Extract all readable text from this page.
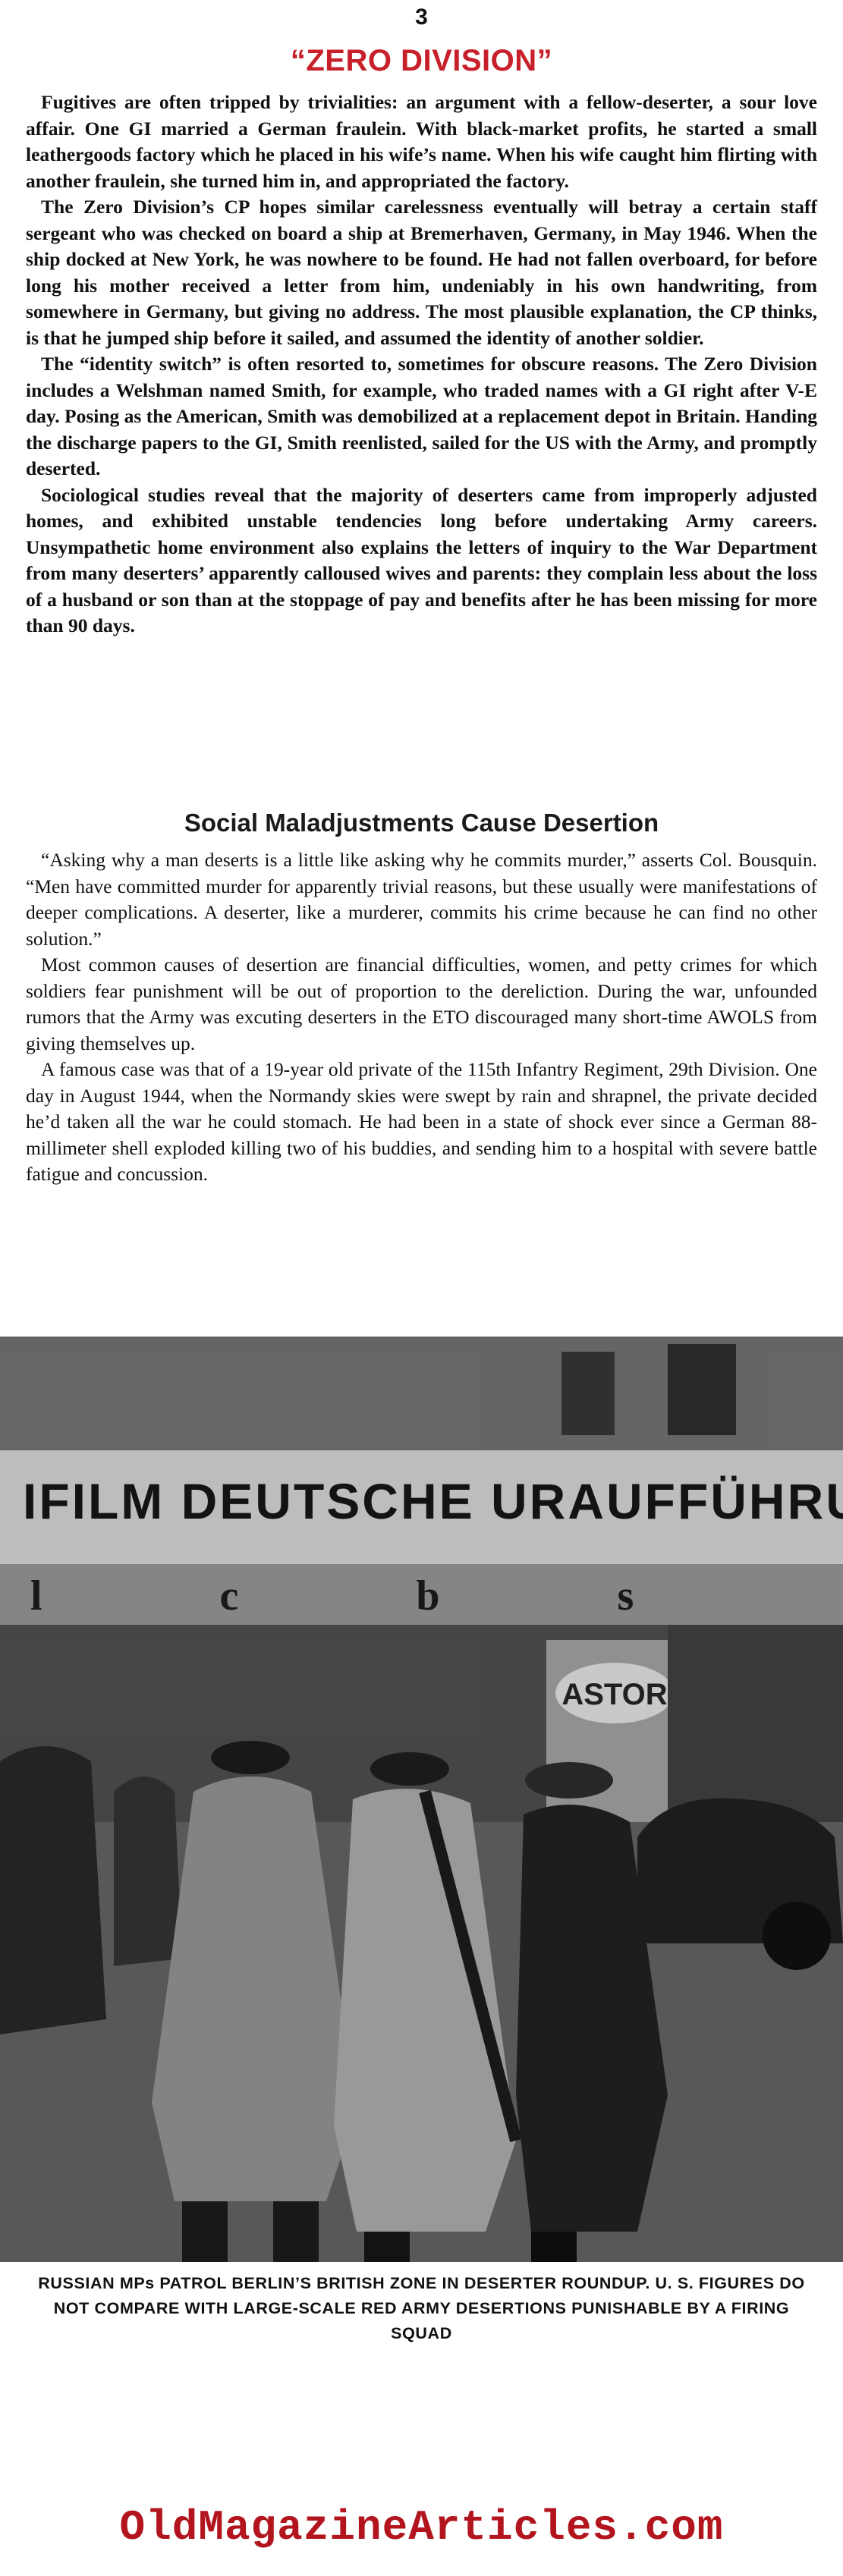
3
“ZERO DIVISION”

Fugitives are often tripped by trivialities: an argument with a fellow-deserter, a sour love affair. One GI married a German fraulein. With black-market profits, he started a small leathergoods factory which he placed in his wife’s name. When his wife caught him flirting with another fraulein, she turned him in, and appropriated the factory.

The Zero Division’s CP hopes similar carelessness eventually will betray a certain staff sergeant who was checked on board a ship at Bremerhaven, Germany, in May 1946. When the ship docked at New York, he was nowhere to be found. He had not fallen overboard, for before long his mother received a letter from him, undeniably in his own handwriting, from somewhere in Germany, but giving no address. The most plausible explanation, the CP thinks, is that he jumped ship before it sailed, and assumed the identity of another soldier.

The “identity switch” is often resorted to, sometimes for obscure reasons. The Zero Division includes a Welshman named Smith, for example, who traded names with a GI right after V-E day. Posing as the American, Smith was demobilized at a replacement depot in Britain. Handing the discharge papers to the GI, Smith reenlisted, sailed for the US with the Army, and promptly deserted.

Sociological studies reveal that the majority of deserters came from improperly adjusted homes, and exhibited unstable tendencies long before undertaking Army careers. Unsympathetic home environment also explains the letters of inquiry to the War Department from many deserters’ apparently calloused wives and parents: they complain less about the loss of a husband or son than at the stoppage of pay and benefits after he has been missing for more than 90 days.

Social Maladjustments Cause Desertion

“Asking why a man deserts is a little like asking why he commits murder,” asserts Col. Bousquin. “Men have committed murder for apparently trivial reasons, but these usually were manifestations of deeper complications. A deserter, like a murderer, commits his crime because he can find no other solution.”

Most common causes of desertion are financial difficulties, women, and petty crimes for which soldiers fear punishment will be out of proportion to the dereliction. During the war, unfounded rumors that the Army was excuting deserters in the ETO discouraged many short-time AWOLS from giving themselves up.

A famous case was that of a 19-year old private of the 115th Infantry Regiment, 29th Division. One day in August 1944, when the Normandy skies were swept by rain and shrapnel, the private decided he’d taken all the war he could stomach. He had been in a state of shock ever since a German 88-millimeter shell exploded killing two of his buddies, and sending him to a hospital with severe battle fatigue and concussion.

RUSSIAN MPs PATROL BERLIN’S BRITISH ZONE IN DESERTER ROUNDUP. U. S. FIGURES DO NOT COMPARE WITH LARGE-SCALE RED ARMY DESERTIONS PUNISHABLE BY A FIRING SQUAD
OldMagazineArticles.com
